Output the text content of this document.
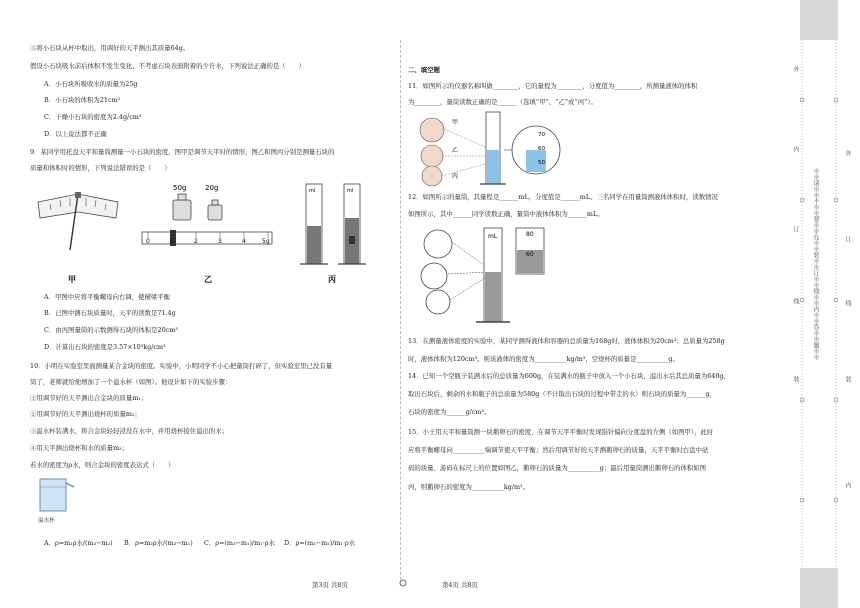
③将小石块从杯中取出，用调好的天平测出其质量64g。
假设小石块吸水前后体积不发生变化，不考虑石块表面附着的少许水，下列说法正确的是（　　）
A．小石块所吸收水的质量为25g
B．小石块的体积为21cm³
C．干燥小石块的密度为2.4g/cm³
D．以上说法都不正确
9．某同学用托盘天平和量筒测量一小石块的密度，图甲是调节天平时的情形，图乙和图丙分别是测量石块的
质量和体积时的情形，下列说法错误的是（　　）
50g	20g
0	1	2	3	4	5g
ml	ml
甲	乙	丙
A．甲图中应将平衡螺母向右调，使横梁平衡
B．已图中测石块质量时，天平的读数是71.4g
C．由丙图量筒的示数测得石块的体积是20cm³
D．计算出石块的密度是3.57×10³kg/cm³
10．小明在实验室里面测量某合金块的密度。实验中，小明同学不小心把量筒打碎了，但实验室里已没有量
筒了，老师就给他增加了一个溢水杯（如图）。他设计如下的实验步骤：
①用调节好的天平测出合金块的质量m₁；
②用调节好的天平测出烧杯的质量m₂；
③溢水杯装满水，将合金块轻轻浸没在水中，并用烧杯接住溢出的水；
④用天平测出烧杯和水的质量m₃；
若水的密度为ρ水，则合金块的密度表达式（　　）
溢水杯
A．ρ=m₁ρ水/(m₃−m₂) B．ρ=m₂ρ水/(m₃−m₁) C．ρ=(m₃−m₁)/m₁·ρ水 D．ρ=(m₃−m₂)/m₁·ρ水
二、填空题
11．如图所示的仪器名称叫做________，它的量程为________，分度值为________，所测量液体的体积
为________，量筒读数正确的是______（选填“甲”、“乙”或“丙”）。
甲
乙
丙
70
60
50
12．如图所示的量筒，其量程是______mL，分度值是______mL。三名同学在用量筒测液体体积时，读数情况
如图所示，其中______同学读数正确，量筒中液体体积为______mL。
mL	80
60
13．在测量液体密度的实验中，某同学测得液体和容器的总质量为168g时，液体体积为20cm³；总质量为258g
时，液体体积为120cm³。则该液体的密度为__________kg/m³，空烧杯的质量是__________g。
14．已知一个空瓶子装满水后的总质量为600g，在装满水的瓶子中放入一个小石块，溢出水后其总质量为640g，
取出石块后，剩余的水和瓶子的总质量为580g（不计取出石块的过程中带走的水）则石块的质量为______g，
石块的密度为______g/cm³。
15．小王用天平和量筒测一块鹅卵石的密度，在调节天平平衡时发现指针偏向分度盘的左侧（如图甲），此时
应将平衡螺母向__________端调节使天平平衡；然后用调节好的天平测鹅卵石的质量，天平平衡时右盘中砝
码的质量、游码在标尺上的位置如图乙，鹅卵石的质量为__________g；最后用量筒测出鹅卵石的体积如图
丙，则鹅卵石的密度为__________kg/m³。
第3页 共8页	第4页 共8页
※※请※※不※※要※※在※※装※※订※※线※※内※※答※※题※※
外
内
订
线
装
外
订
线
装
内
